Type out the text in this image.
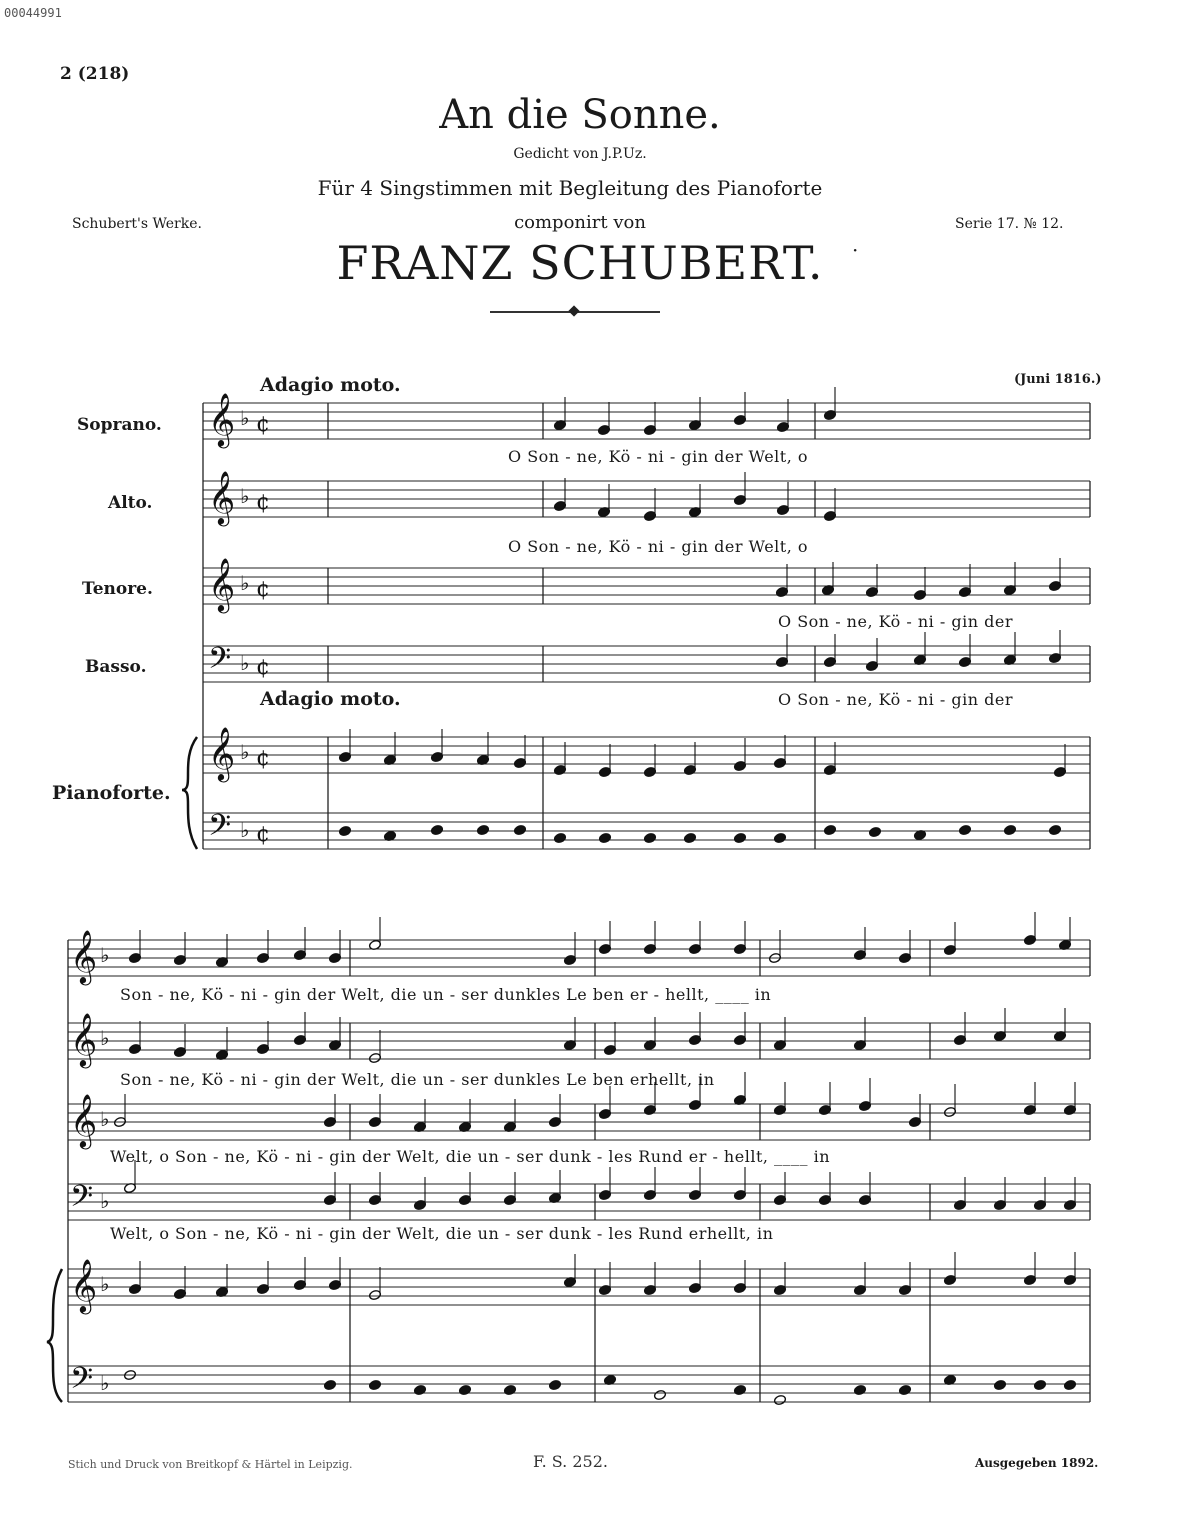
00044991
2 (218)
An die Sonne.
Gedicht von J.P.Uz.
Für 4 Singstimmen mit Begleitung des Pianoforte
componirt von
Schubert's Werke.	Serie 17. № 12.
FRANZ SCHUBERT.	·
(Juni 1816.)
Adagio moto.
Adagio moto.
Soprano.
Alto.
Tenore.
Basso.
Pianoforte.
O Son - ne, Kö - ni - gin der Welt, o
O Son - ne, Kö - ni - gin der Welt, o
O Son - ne, Kö - ni - gin der
O Son - ne, Kö - ni - gin der
Son - ne, Kö - ni - gin der Welt, die un - ser dunkles Le ben er - hellt, ____ in
Son - ne, Kö - ni - gin der Welt, die un - ser dunkles Le ben erhellt, in
Welt, o Son - ne, Kö - ni - gin der Welt, die un - ser dunk - les Rund er - hellt, ____ in
Welt, o Son - ne, Kö - ni - gin der Welt, die un - ser dunk - les Rund erhellt, in
Stich und Druck von Breitkopf & Härtel in Leipzig.	F. S. 252.	Ausgegeben 1892.
𝄞 ♭ ¢
𝄞 ♭ ¢
𝄞 ♭ ¢
𝄢 ♭ ¢
𝄞 ♭ ¢
𝄢 ♭ ¢
𝄞 ♭
𝄞 ♭
𝄞 ♭
𝄢 ♭
𝄞 ♭
𝄢 ♭
